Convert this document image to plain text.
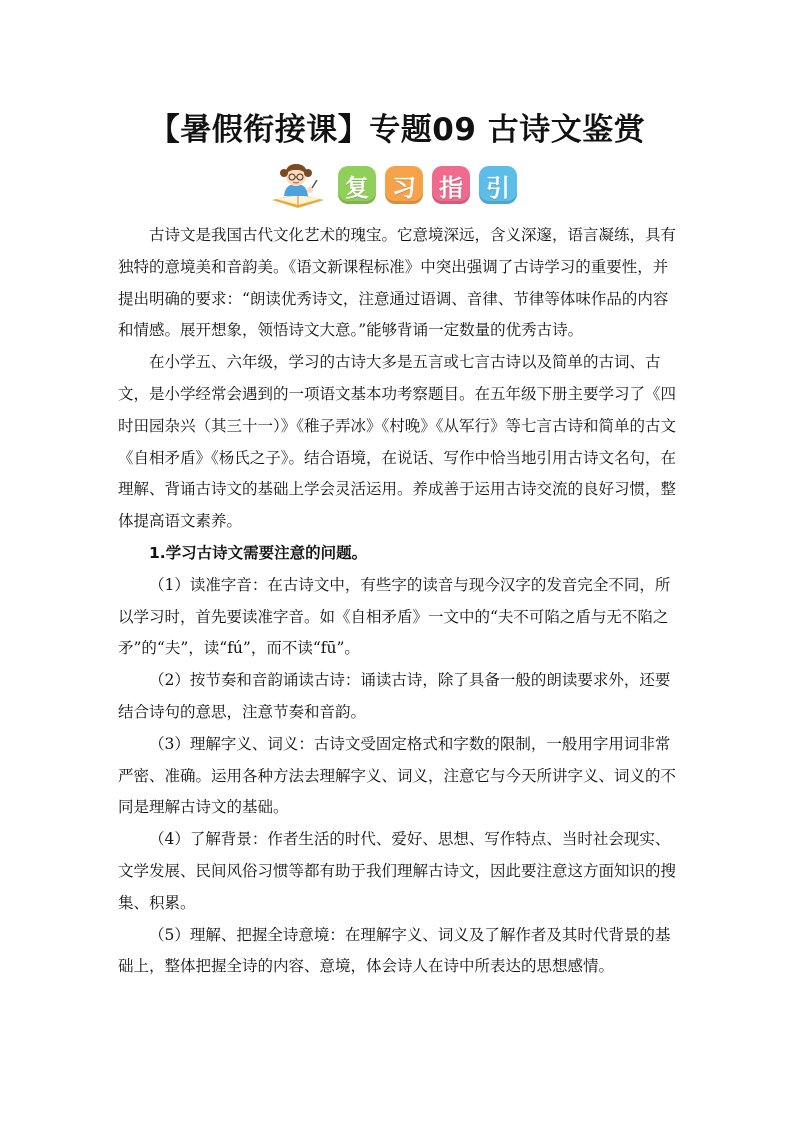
【暑假衔接课】专题09 古诗文鉴赏
复 习 指 引

古诗文是我国古代文化艺术的瑰宝。它意境深远，含义深邃，语言凝练，具有独特的意境美和音韵美。《语文新课程标准》中突出强调了古诗学习的重要性，并提出明确的要求：“朗读优秀诗文，注意通过语调、音律、节律等体味作品的内容和情感。展开想象，领悟诗文大意。”能够背诵一定数量的优秀古诗。

在小学五、六年级，学习的古诗大多是五言或七言古诗以及简单的古词、古文，是小学经常会遇到的一项语文基本功考察题目。在五年级下册主要学习了《四时田园杂兴（其三十一）》《稚子弄冰》《村晚》《从军行》等七言古诗和简单的古文《自相矛盾》《杨氏之子》。结合语境，在说话、写作中恰当地引用古诗文名句，在理解、背诵古诗文的基础上学会灵活运用。养成善于运用古诗交流的良好习惯，整体提高语文素养。

1.学习古诗文需要注意的问题。

（1）读准字音：在古诗文中，有些字的读音与现今汉字的发音完全不同，所以学习时，首先要读准字音。如《自相矛盾》一文中的“夫不可陷之盾与无不陷之矛”的“夫”，读“fú”，而不读“fū”。

（2）按节奏和音韵诵读古诗：诵读古诗，除了具备一般的朗读要求外，还要结合诗句的意思，注意节奏和音韵。

（3）理解字义、词义：古诗文受固定格式和字数的限制，一般用字用词非常严密、准确。运用各种方法去理解字义、词义，注意它与今天所讲字义、词义的不同是理解古诗文的基础。

（4）了解背景：作者生活的时代、爱好、思想、写作特点、当时社会现实、文学发展、民间风俗习惯等都有助于我们理解古诗文，因此要注意这方面知识的搜集、积累。

（5）理解、把握全诗意境：在理解字义、词义及了解作者及其时代背景的基础上，整体把握全诗的内容、意境，体会诗人在诗中所表达的思想感情。
